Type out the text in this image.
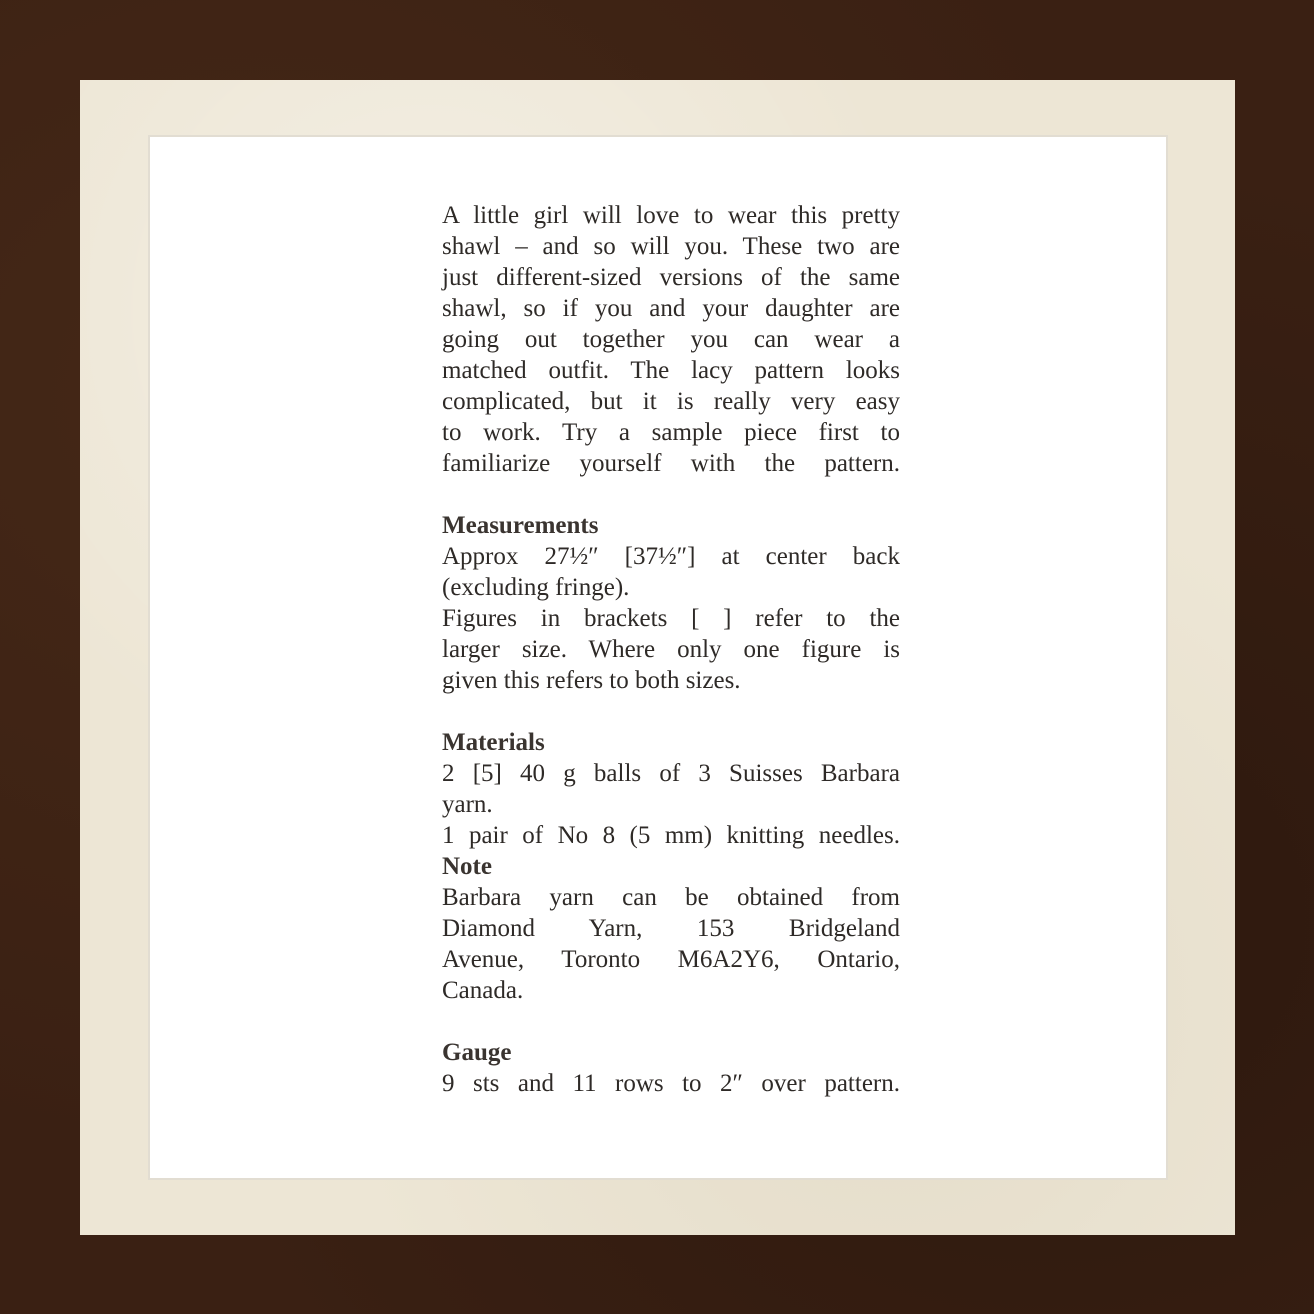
A little girl will love to wear this pretty
shawl – and so will you. These two are
just different-sized versions of the same
shawl, so if you and your daughter are
going out together you can wear a
matched outfit. The lacy pattern looks
complicated, but it is really very easy
to work. Try a sample piece first to
familiarize yourself with the pattern.
Measurements
Approx 27½″ [37½″] at center back
(excluding fringe).
Figures in brackets [ ] refer to the
larger size. Where only one figure is
given this refers to both sizes.
Materials
2 [5] 40 g balls of 3 Suisses Barbara
yarn.
1 pair of No 8 (5 mm) knitting needles.
Note
Barbara yarn can be obtained from
Diamond Yarn, 153 Bridgeland
Avenue, Toronto M6A2Y6, Ontario,
Canada.
Gauge
9 sts and 11 rows to 2″ over pattern.
